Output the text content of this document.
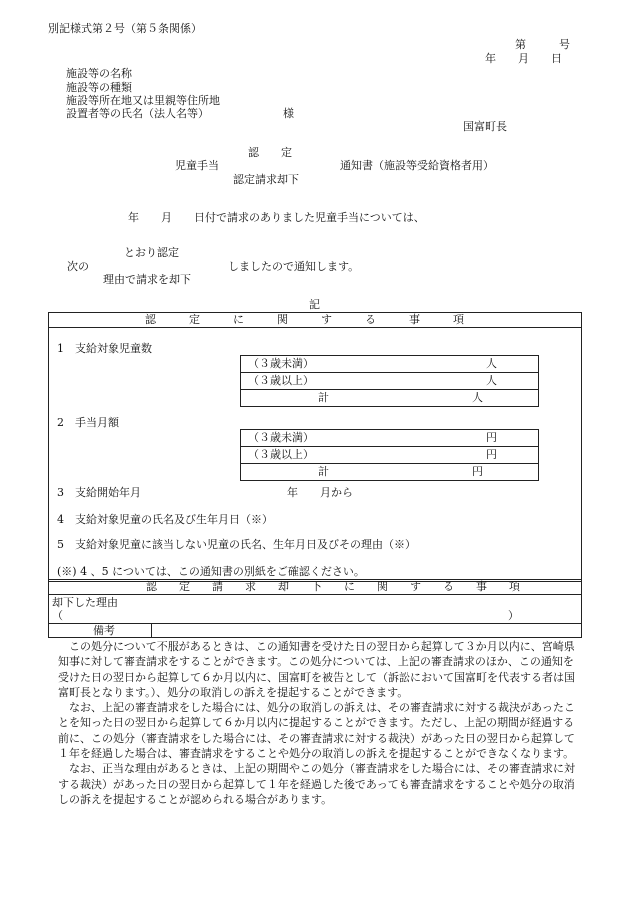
別記様式第２号（第５条関係）
第　　　号
年　　月　　日
施設等の名称
施設等の種類
施設等所在地又は里親等住所地
設置者等の氏名（法人名等）	様
国富町長
認　　定
児童手当	通知書（施設等受給資格者用）
認定請求却下
年　　月　　日付で請求のありました児童手当については、
とおり認定
次の	しましたので通知します。
理由で請求を却下
記
認　　　定　　　に　　　関　　　す　　　る　　　事　　　項
1　支給対象児童数
（３歳未満）	人
（３歳以上）	人
計	人
2　手当月額
（３歳未満）	円
（３歳以上）	円
計	円
3　支給開始年月	年　　月から
4　支給対象児童の氏名及び生年月日（※）
5　支給対象児童に該当しない児童の氏名、生年月日及びその理由（※）
(※) 4 、5 については、この通知書の別紙をご確認ください。
認　　定　　請　　求　　却　　下　　に　　関　　す　　る　　事　　項
却下した理由
（	）
備考

この処分について不服があるときは、この通知書を受けた日の翌日から起算して３か月以内に、宮崎県知事に対して審査請求をすることができます。この処分については、上記の審査請求のほか、この通知を受けた日の翌日から起算して６か月以内に、国富町を被告として（訴訟において国富町を代表する者は国富町長となります。）、処分の取消しの訴えを提起することができます。

なお、上記の審査請求をした場合には、処分の取消しの訴えは、その審査請求に対する裁決があったことを知った日の翌日から起算して６か月以内に提起することができます。ただし、上記の期間が経過する前に、この処分（審査請求をした場合には、その審査請求に対する裁決）があった日の翌日から起算して１年を経過した場合は、審査請求をすることや処分の取消しの訴えを提起することができなくなります。

なお、正当な理由があるときは、上記の期間やこの処分（審査請求をした場合には、その審査請求に対する裁決）があった日の翌日から起算して１年を経過した後であっても審査請求をすることや処分の取消しの訴えを提起することが認められる場合があります。
